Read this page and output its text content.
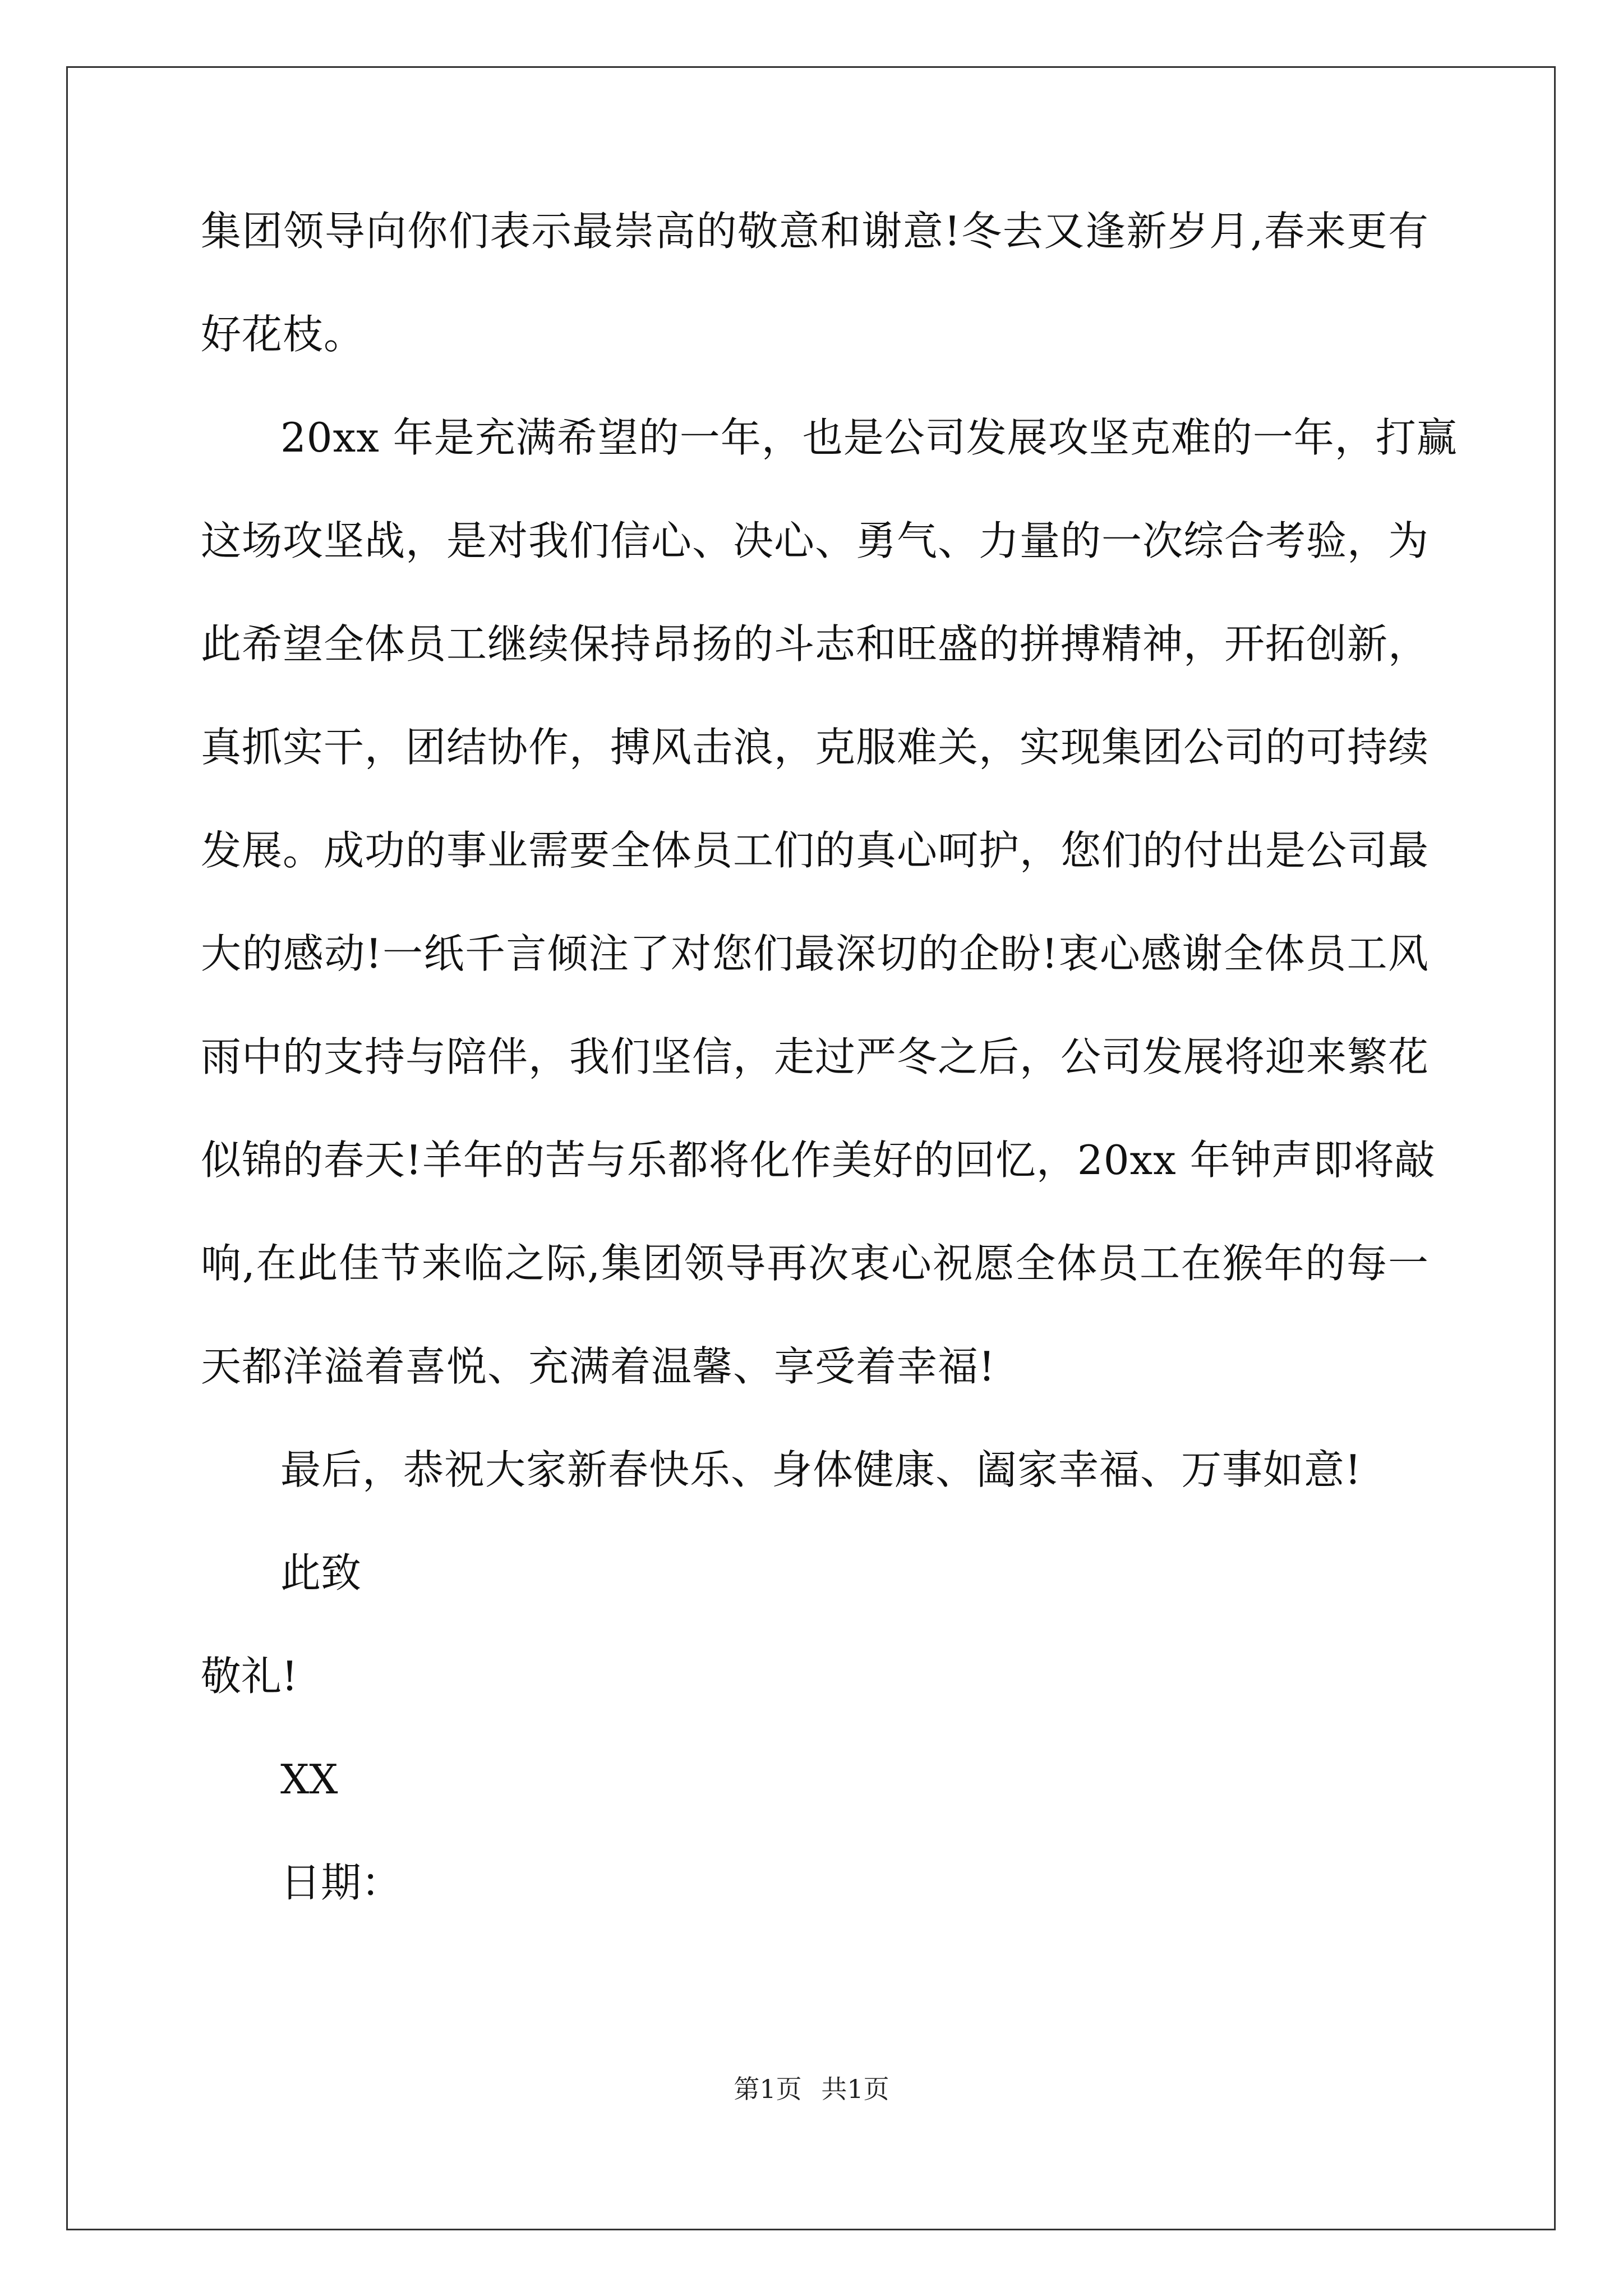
集团领导向你们表示最崇高的敬意和谢意!冬去又逢新岁月,春来更有
好花枝。
20xx 年是充满希望的一年，也是公司发展攻坚克难的一年，打赢
这场攻坚战，是对我们信心、决心、勇气、力量的一次综合考验，为
此希望全体员工继续保持昂扬的斗志和旺盛的拼搏精神，开拓创新，
真抓实干，团结协作，搏风击浪，克服难关，实现集团公司的可持续
发展。成功的事业需要全体员工们的真心呵护，您们的付出是公司最
大的感动!一纸千言倾注了对您们最深切的企盼!衷心感谢全体员工风
雨中的支持与陪伴，我们坚信，走过严冬之后，公司发展将迎来繁花
似锦的春天!羊年的苦与乐都将化作美好的回忆，20xx 年钟声即将敲
响,在此佳节来临之际,集团领导再次衷心祝愿全体员工在猴年的每一
天都洋溢着喜悦、充满着温馨、享受着幸福!
最后，恭祝大家新春快乐、身体健康、阖家幸福、万事如意!
此致
敬礼!
XX
日期：
第1页 共1页
